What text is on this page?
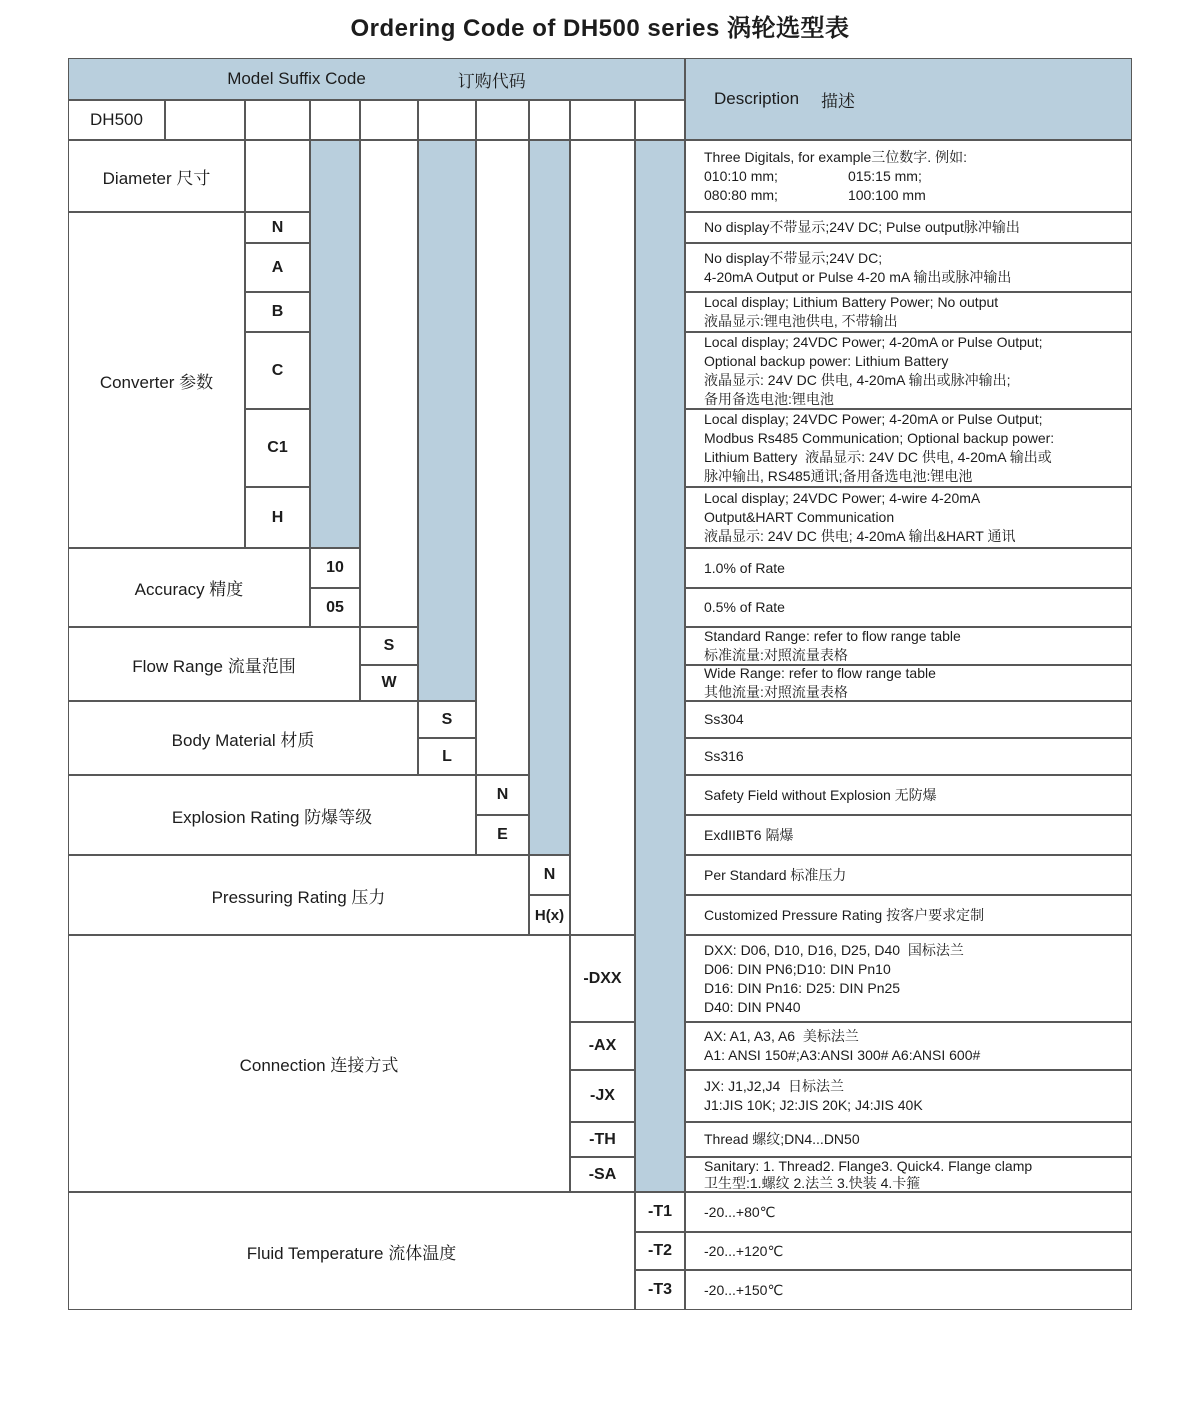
Ordering Code of DH500 series 涡轮选型表
Model Suffix Code	订购代码
Description 描述
DH500
Diameter 尺寸
Converter 参数
Accuracy 精度
Flow Range 流量范围
Body Material 材质
Explosion Rating 防爆等级
Pressuring Rating 压力
Connection 连接方式
Fluid Temperature 流体温度
N
A
B
C
C1
H
10
05
S
W
S
L
N
E
N
H(x)
-DXX
-AX
-JX
-TH
-SA
-T1
-T2
-T3
Three Digitals, for example三位数字. 例如:
010:10 mm;                  015:15 mm;
080:80 mm;                  100:100 mm
No display不带显示;24V DC; Pulse output脉冲输出
No display不带显示;24V DC;
4-20mA Output or Pulse 4-20 mA 输出或脉冲输出
Local display; Lithium Battery Power; No output
液晶显示:锂电池供电, 不带输出
Local display; 24VDC Power; 4-20mA or Pulse Output;
Optional backup power: Lithium Battery
液晶显示: 24V DC 供电, 4-20mA 输出或脉冲输出;
备用备选电池:锂电池
Local display; 24VDC Power; 4-20mA or Pulse Output;
Modbus Rs485 Communication; Optional backup power:
Lithium Battery  液晶显示: 24V DC 供电, 4-20mA 输出或
脉冲输出, RS485通讯;备用备选电池:锂电池
Local display; 24VDC Power; 4-wire 4-20mA
Output&HART Communication
液晶显示: 24V DC 供电; 4-20mA 输出&HART 通讯
1.0% of Rate
0.5% of Rate
Standard Range: refer to flow range table
标准流量:对照流量表格
Wide Range: refer to flow range table
其他流量:对照流量表格
Ss304
Ss316
Safety Field without Explosion 无防爆
ExdIIBT6 隔爆
Per Standard 标准压力
Customized Pressure Rating 按客户要求定制
DXX: D06, D10, D16, D25, D40  国标法兰
D06: DIN PN6;D10: DIN Pn10
D16: DIN Pn16: D25: DIN Pn25
D40: DIN PN40
AX: A1, A3, A6  美标法兰
A1: ANSI 150#;A3:ANSI 300# A6:ANSI 600#
JX: J1,J2,J4  日标法兰
J1:JIS 10K; J2:JIS 20K; J4:JIS 40K
Thread 螺纹;DN4...DN50
Sanitary: 1. Thread2. Flange3. Quick4. Flange clamp
卫生型:1.螺纹 2.法兰 3.快装 4.卡箍
-20...+80℃
-20...+120℃
-20...+150℃
